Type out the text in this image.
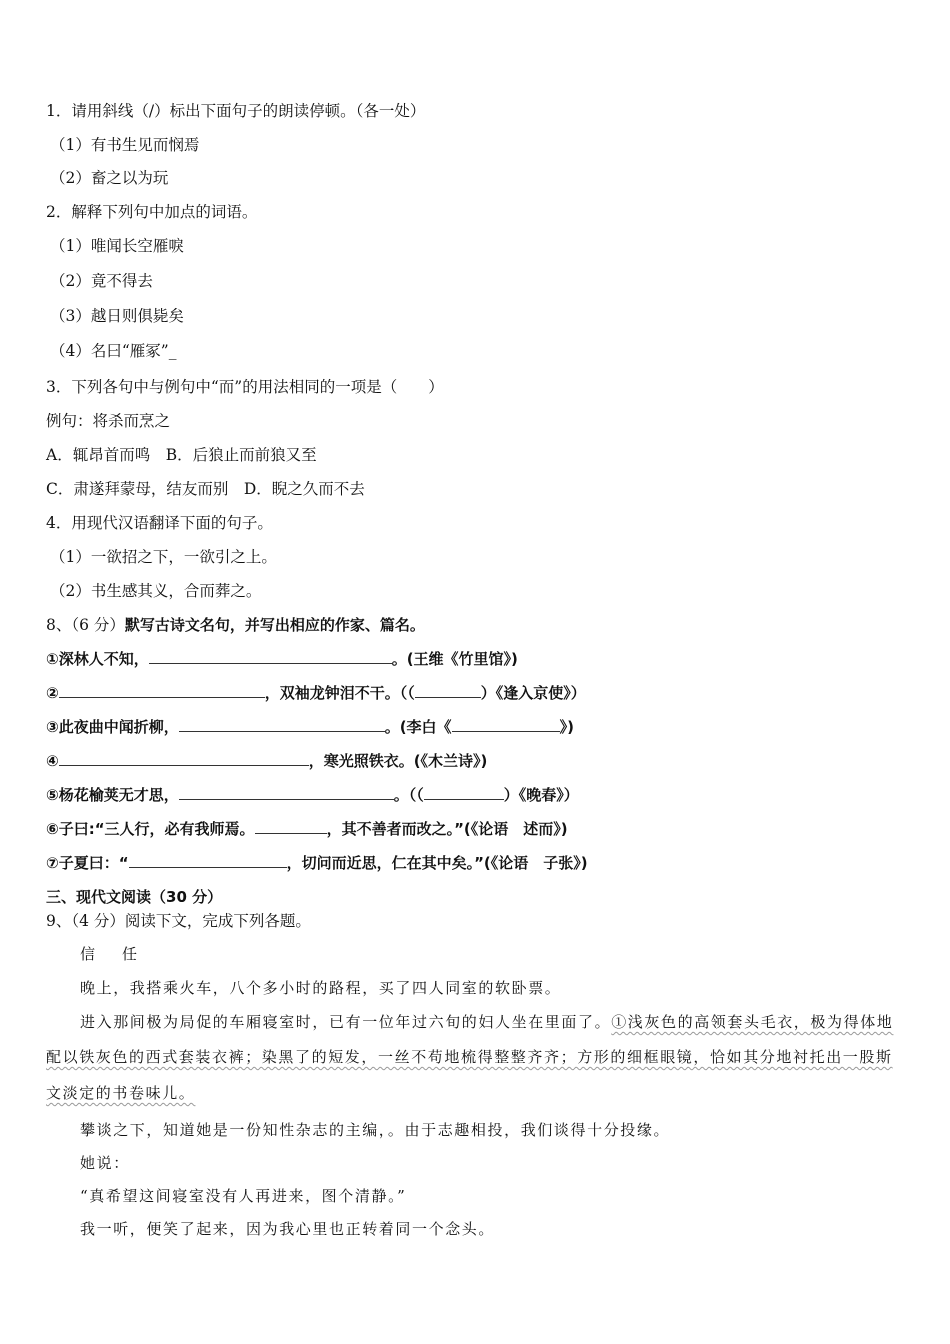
1．请用斜线（/）标出下面句子的朗读停顿。（各一处）
（1）有书生见而悯焉
（2）畜之以为玩
2．解释下列句中加点的词语。
（1）唯闻长空雁唳
（2）竟不得去
（3）越日则俱毙矣
（4）名曰“雁冢”_
3．下列各句中与例句中“而”的用法相同的一项是（　　）
例句：将杀而烹之
A．辄昂首而鸣　B．后狼止而前狼又至
C．肃遂拜蒙母，结友而别　D．睨之久而不去
4．用现代汉语翻译下面的句子。
（1）一欲招之下，一欲引之上。
（2）书生感其义，合而葬之。
8、（6 分）默写古诗文名句，并写出相应的作家、篇名。
①深林人不知，	。(王维《竹里馆》)
②	，双袖龙钟泪不干。（（	）《逢入京使》）
③此夜曲中闻折柳，	。(李白《	》)
④	，寒光照铁衣。(《木兰诗》)
⑤杨花榆荚无才思，	。（（	）《晚春》）
⑥子曰:“三人行，必有我师焉。	，其不善者而改之。”(《论语　述而》)
⑦子夏曰：“	，切问而近思，仁在其中矣。”(《论语　子张》)
三、现代文阅读（30 分）
9、（4 分）阅读下文，完成下列各题。
信　任
晚上，我搭乘火车，八个多小时的路程，买了四人同室的软卧票。
进入那间极为局促的车厢寝室时，已有一位年过六旬的妇人坐在里面了。①浅灰色的高领套头毛衣，极为得体地
配以铁灰色的西式套装衣裤；染黑了的短发，一丝不苟地梳得整整齐齐；方形的细框眼镜，恰如其分地衬托出一股斯
文淡定的书卷味儿。
攀谈之下，知道她是一份知性杂志的主编，。由于志趣相投，我们谈得十分投缘。
她说：
“真希望这间寝室没有人再进来，图个清静。”
我一听，便笑了起来，因为我心里也正转着同一个念头。
